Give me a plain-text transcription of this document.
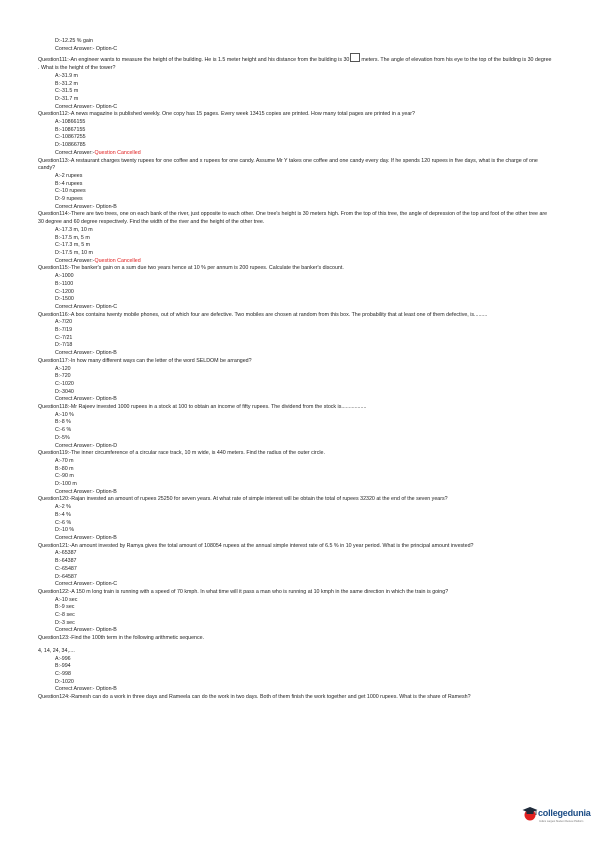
D:-12.25 % gain
Correct Answer:- Option-C
Question111:-An engineer wants to measure the height of the building. He is 1.5 meter height and his distance from the building is 30 meters. The angle of elevation from his eye to the top of the building is 30 degree . What is the height of the tower?
A:-31.9 m
B:-31.2 m
C:-31.5 m
D:-31.7 m
Correct Answer:- Option-C
Question112:-A news magazine is published weekly. One copy has 15 pages. Every week 13415 copies are printed. How many total pages are printed in a year?
A:-10866155
B:-10867155
C:-10867255
D:-10866785
Correct Answer:-Question Cancelled
Question113:-A restaurant charges twenty rupees for one coffee and x rupees for one candy. Assume Mr Y takes one coffee and one candy every day. If he spends 120 rupees in five days, what is the charge of one candy?
A:-2 rupees
B:-4 rupees
C:-10 rupees
D:-9 rupees
Correct Answer:- Option-B
Question114:-There are two trees, one on each bank of the river, just opposite to each other. One tree's height is 30 meters high. From the top of this tree, the angle of depression of the top and foot of the other tree are 30 degree and 60 degree respectively. Find the width of the river and the height of the other tree.
A:-17.3 m, 10 m
B:-17.5 m, 5 m
C:-17.3 m, 5 m
D:-17.5 m, 10 m
Correct Answer:-Question Cancelled
Question115:-The banker's gain on a sum due two years hence at 10 % per annum is 200 rupees. Calculate the banker's discount.
A:-1000
B:-1100
C:-1200
D:-1500
Correct Answer:- Option-C
Question116:-A box contains twenty mobile phones, out of which four are defective. Two mobiles are chosen at random from this box. The probability that at least one of them defective, is.........
A:-7/20
B:-7/19
C:-7/21
D:-7/18
Correct Answer:- Option-B
Question117:-In how many different ways can the letter of the word SELDOM be arranged?
A:-120
B:-720
C:-1020
D:-3040
Correct Answer:- Option-B
Question118:-Mr Rajeev invested 1000 rupees in a stock at 100 to obtain an income of fifty rupees. The dividend from the stock is.................
A:-10 %
B:-8 %
C:-6 %
D:-5%
Correct Answer:- Option-D
Question119:-The inner circumference of a circular race track, 10 m wide, is 440 meters. Find the radius of the outer circle.
A:-70 m
B:-80 m
C:-90 m
D:-100 m
Correct Answer:- Option-B
Question120:-Rajan invested an amount of rupees 25250 for seven years. At what rate of simple interest will be obtain the total of rupees 32320 at the end of the seven years?
A:-2 %
B:-4 %
C:-6 %
D:-10 %
Correct Answer:- Option-B
Question121:-An amount invested by Ramya gives the total amount of 108054 rupees at the annual simple interest rate of 6.5 % in 10 year period. What is the principal amount invested?
A:-65387
B:-64387
C:-65487
D:-64587
Correct Answer:- Option-C
Question122:-A 150 m long train is running with a speed of 70 kmph. In what time will it pass a man who is running at 10 kmph in the same direction in which the train is going?
A:-10 sec
B:-9 sec
C:-8 sec
D:-3 sec
Correct Answer:- Option-B
Question123:-Find the 100th term in the following arithmetic sequence.
4, 14, 24, 34,....
A:-996
B:-994
C:-998
D:-1020
Correct Answer:- Option-B
Question124:-Ramesh can do a work in three days and Rameela can do the work in two days. Both of them finish the work together and get 1000 rupees. What is the share of Ramesh?
collegedunia
India's Largest Student Review Platform
